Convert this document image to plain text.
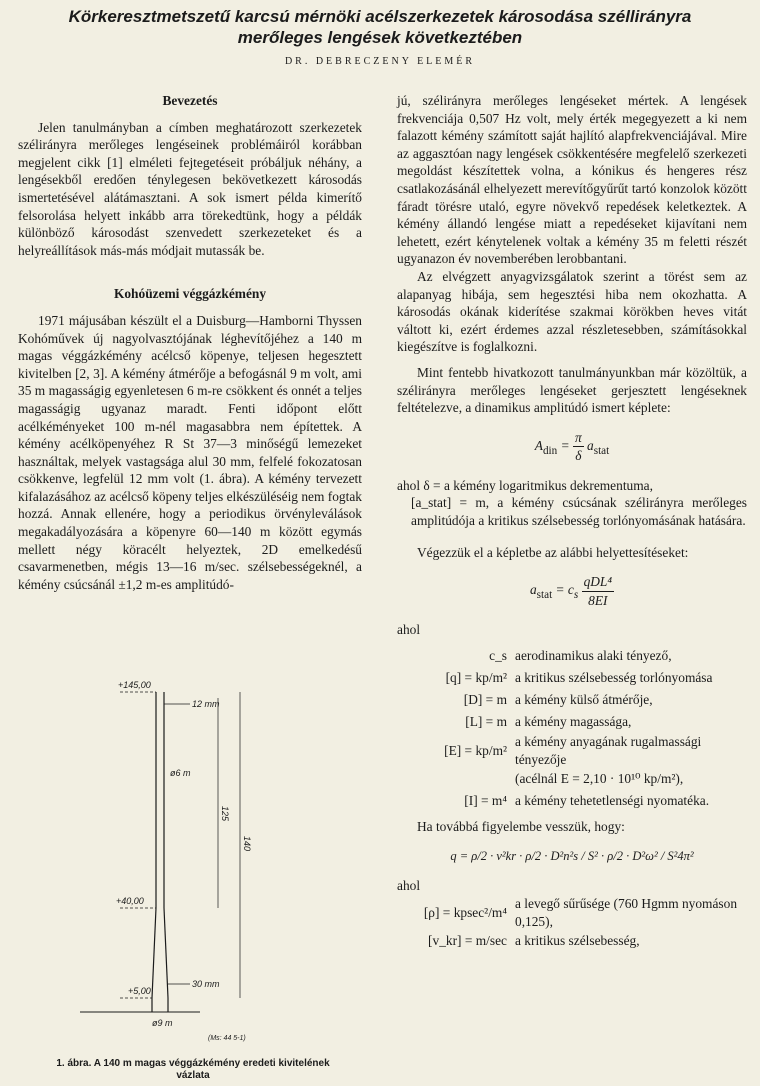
Körkeresztmetszetű karcsú mérnöki acélszerkezetek károsodása széllirányra
merőleges lengések következtében
DR. DEBRECZENY ELEMÉR
Bevezetés

Jelen tanulmányban a címben meghatározott szerkezetek szélirányra merőleges lengéseinek problémáiról korábban megjelent cikk [1] elméleti fejtegetéseit próbáljuk néhány, a lengésekből eredően ténylegesen bekövetkezett károsodás ismertetésével alátámasztani. A sok ismert példa kimerítő felsorolása helyett inkább arra törekedtünk, hogy a példák különböző károsodást szenvedett szerkezeteket és a helyreállítások más-más módjait mutassák be.

Kohóüzemi véggázkémény

1971 májusában készült el a Duisburg—Hamborni Thyssen Kohóművek új nagyolvasztójának léghevítőjéhez a 140 m magas véggázkémény acélcső köpenye, teljesen hegesztett kivitelben [2, 3]. A kémény átmérője a befogásnál 9 m volt, ami 35 m magasságig egyenletesen 6 m-re csökkent és onnét a teljes magasságig ugyanaz maradt. Fenti időpont előtt acélkéményeket 100 m-nél magasabbra nem építettek. A kémény acélköpenyéhez R St 37—3 minőségű lemezeket használtak, melyek vastagsága alul 30 mm, felfelé fokozatosan csökkenve, legfelül 12 mm volt (1. ábra). A kémény tervezett kifalazásához az acélcső köpeny teljes elkészüléséig nem fogtak hozzá. Annak ellenére, hogy a periodikus örvényleválások megakadályozására a köpenyre 60—140 m között egymás mellett négy köracélt helyeztek, 2D emelkedésű csavarmenetben, mégis 13—16 m/sec. szélsebességeknél, a kémény csúcsánál ±1,2 m-es amplitúdó-

jú, szélirányra merőleges lengéseket mértek. A lengések frekvenciája 0,507 Hz volt, mely érték megegyezett a ki nem falazott kémény számított saját hajlító alapfrekvenciájával. Mire az aggasztóan nagy lengések csökkentésére megfelelő szerkezeti megoldást készítettek volna, a kónikus és hengeres rész csatlakozásánál elhelyezett merevítőgyűrűt tartó konzolok között fáradt törésre utaló, egyre növekvő repedések keletkeztek. A kémény állandó lengése miatt a repedéseket kijavítani nem lehetett, ezért kénytelenek voltak a kémény 35 m feletti részét ugyanazon év novemberében lerobbantani.

Az elvégzett anyagvizsgálatok szerint a törést sem az alapanyag hibája, sem hegesztési hiba nem okozhatta. A károsodás okának kiderítése szakmai körökben heves vitát váltott ki, ezért érdemes azzal részletesebben, számításokkal kiegészítve is foglalkozni.

Mint fentebb hivatkozott tanulmányunkban már közöltük, a szélirányra merőleges lengéseket gerjesztett lengéseknek feltételezve, a dinamikus amplitúdó ismert képlete:

$A_{din} = \frac{\pi}{\delta} a_{stat}$

ahol δ = a kémény logaritmikus dekrementuma,

[a_stat] = m, a kémény csúcsának szélirányra merőleges amplitúdója a kritikus szélsebesség torlónyomásának hatására.

Végezzük el a képletbe az alábbi helyettesítéseket:

$a_{stat} = c_s \frac{\text{qDL⁴}}{8EI}$

ahol

c_s aerodinamikus alaki tényező,
[q] = kp/m² a kritikus szélsebesség torlónyomása
[D] = m a kémény külső átmérője,
[L] = m a kémény magassága,
[E] = kp/m²
a kémény anyagának rugalmassági tényezője
(acélnál E = 2,10 · 10¹⁰ kp/m²),
[I] = m⁴ a kémény tehetetlenségi nyomatéka.

Ha továbbá figyelembe vesszük, hogy:

q = ρ/2 · v²kr · ρ/2 · D²n²s / S² · ρ/2 · D²ω² / S²4π²

ahol

[ρ] = kpsec²/m⁴
a levegő sűrűsége (760 Hgmm nyomáson 0,125),
[v_kr] = m/sec a kritikus szélsebesség,
+145,00
12 mm
ø6 m
125
140
+40,00
+5,00
30 mm
ø9 m
(Ms: 44 5-1)
1. ábra. A 140 m magas véggázkémény eredeti kivitelének
vázlata
